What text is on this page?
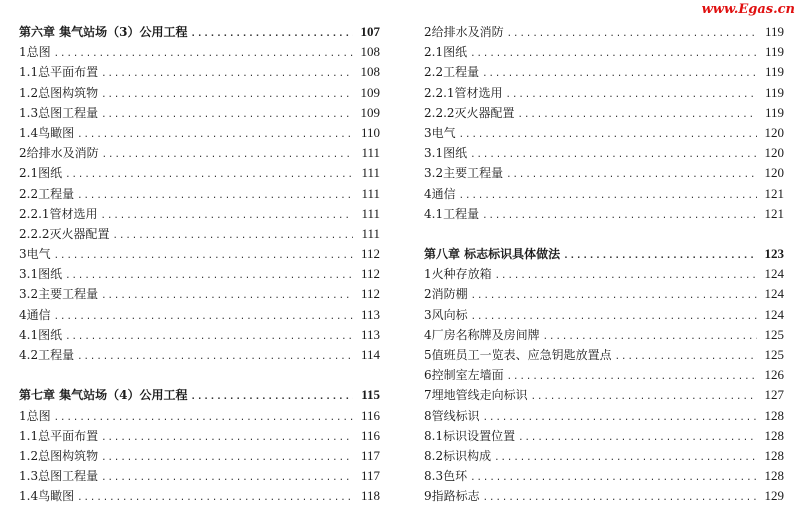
www.Egas.cn
第六章 集气站场（3）公用工程 .....	107
1总图 .....	108
1.1总平面布置 .....	108
1.2总图构筑物 .....	109
1.3总图工程量 .....	109
1.4鸟瞰图 .....	110
2给排水及消防 .....	111
2.1图纸 .....	111
2.2工程量 .....	111
2.2.1管材选用 .....	111
2.2.2灭火器配置 .....	111
3电气 .....	112
3.1图纸 .....	112
3.2主要工程量 .....	112
4通信 .....	113
4.1图纸 .....	113
4.2工程量 .....	114
第七章 集气站场（4）公用工程 .....	115
1总图 .....	116
1.1总平面布置 .....	116
1.2总图构筑物 .....	117
1.3总图工程量 .....	117
1.4鸟瞰图 .....	118
2给排水及消防 .....	119
2.1图纸 .....	119
2.2工程量 .....	119
2.2.1管材选用 .....	119
2.2.2灭火器配置 .....	119
3电气 .....	120
3.1图纸 .....	120
3.2主要工程量 .....	120
4通信 .....	121
4.1工程量 .....	121
第八章 标志标识具体做法 .....	123
1火种存放箱 .....	124
2消防棚 .....	124
3风向标 .....	124
4厂房名称牌及房间牌 .....	125
5值班员工一览表、应急钥匙放置点 .....	125
6控制室左墙面 .....	126
7埋地管线走向标识 .....	127
8管线标识 .....	128
8.1标识设置位置 .....	128
8.2标识构成 .....	128
8.3色环 .....	128
9指路标志 .....	129
